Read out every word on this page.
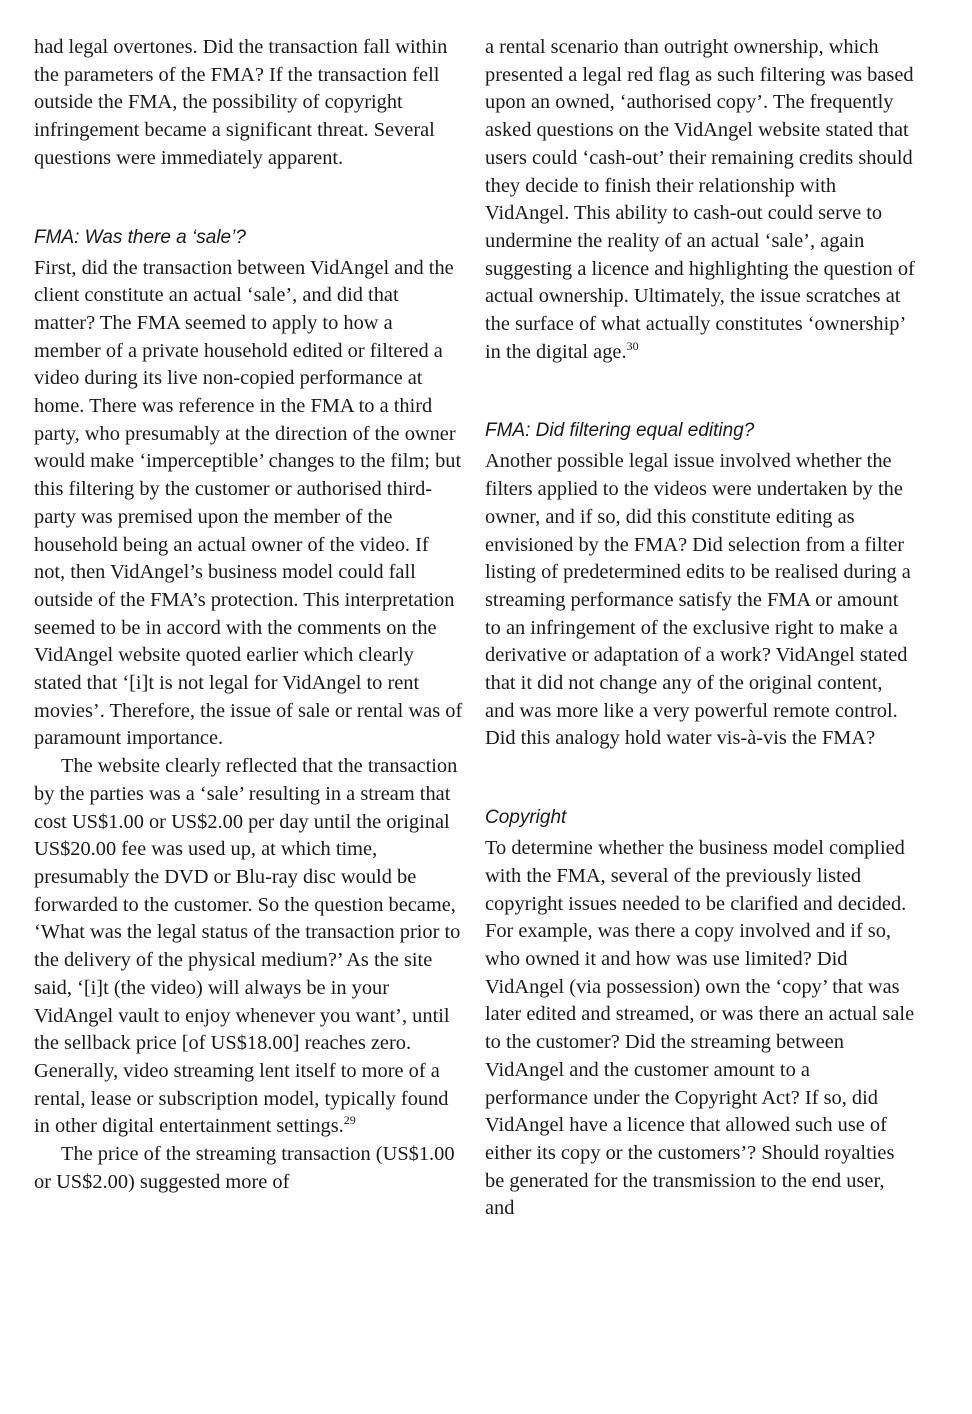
had legal overtones. Did the transaction fall within the parameters of the FMA? If the transaction fell outside the FMA, the possibility of copyright infringement became a significant threat. Several questions were immediately apparent.

FMA: Was there a ‘sale’?

First, did the transaction between VidAngel and the client constitute an actual ‘sale’, and did that matter? The FMA seemed to apply to how a member of a private household edited or filtered a video during its live non-copied performance at home. There was reference in the FMA to a third party, who presumably at the direction of the owner would make ‘imperceptible’ changes to the film; but this filtering by the customer or authorised third-party was premised upon the member of the household being an actual owner of the video. If not, then VidAngel’s business model could fall outside of the FMA’s protection. This interpretation seemed to be in accord with the comments on the VidAngel website quoted earlier which clearly stated that ‘[i]t is not legal for VidAngel to rent movies’. Therefore, the issue of sale or rental was of paramount importance.

The website clearly reflected that the transaction by the parties was a ‘sale’ resulting in a stream that cost US$1.00 or US$2.00 per day until the original US$20.00 fee was used up, at which time, presumably the DVD or Blu-ray disc would be forwarded to the customer. So the question became, ‘What was the legal status of the transaction prior to the delivery of the physical medium?’ As the site said, ‘[i]t (the video) will always be in your VidAngel vault to enjoy whenever you want’, until the sellback price [of US$18.00] reaches zero. Generally, video streaming lent itself to more of a rental, lease or subscription model, typically found in other digital entertainment settings.$^{29}$

The price of the streaming transaction (US$1.00 or US$2.00) suggested more of

a rental scenario than outright ownership, which presented a legal red flag as such filtering was based upon an owned, ‘authorised copy’. The frequently asked questions on the VidAngel website stated that users could ‘cash-out’ their remaining credits should they decide to finish their relationship with VidAngel. This ability to cash-out could serve to undermine the reality of an actual ‘sale’, again suggesting a licence and highlighting the question of actual ownership. Ultimately, the issue scratches at the surface of what actually constitutes ‘ownership’ in the digital age.$^{30}$

FMA: Did filtering equal editing?

Another possible legal issue involved whether the filters applied to the videos were undertaken by the owner, and if so, did this constitute editing as envisioned by the FMA? Did selection from a filter listing of predetermined edits to be realised during a streaming performance satisfy the FMA or amount to an infringement of the exclusive right to make a derivative or adaptation of a work? VidAngel stated that it did not change any of the original content, and was more like a very powerful remote control. Did this analogy hold water vis-à-vis the FMA?

Copyright

To determine whether the business model complied with the FMA, several of the previously listed copyright issues needed to be clarified and decided. For example, was there a copy involved and if so, who owned it and how was use limited? Did VidAngel (via possession) own the ‘copy’ that was later edited and streamed, or was there an actual sale to the customer? Did the streaming between VidAngel and the customer amount to a performance under the Copyright Act? If so, did VidAngel have a licence that allowed such use of either its copy or the customers’? Should royalties be generated for the transmission to the end user, and
